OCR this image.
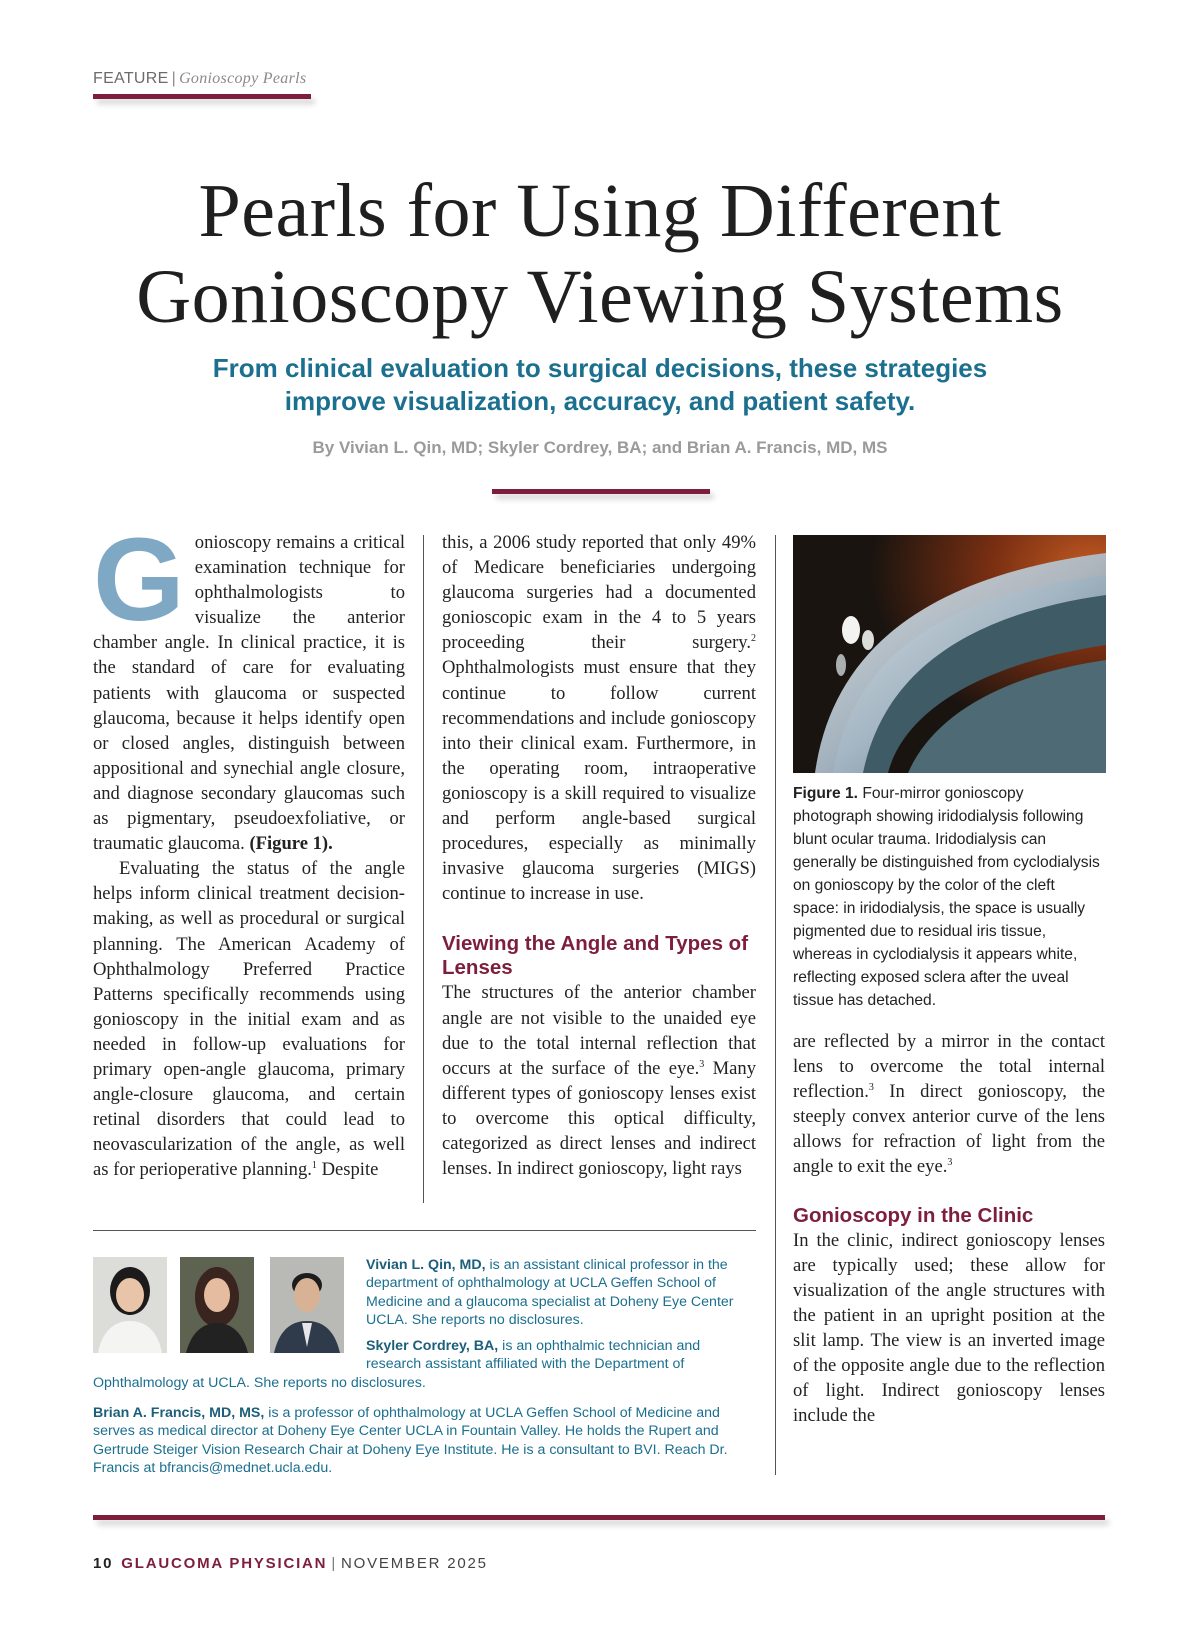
FEATURE | Gonioscopy Pearls
Pearls for Using Different
Gonioscopy Viewing Systems
From clinical evaluation to surgical decisions, these strategies
improve visualization, accuracy, and patient safety.
By Vivian L. Qin, MD; Skyler Cordrey, BA; and Brian A. Francis, MD, MS

Gonioscopy remains a critical examination technique for ophthalmologists to visualize the anterior chamber angle. In clinical practice, it is the standard of care for evaluating patients with glaucoma or suspected glaucoma, because it helps identify open or closed angles, distinguish between appositional and synechial angle closure, and diagnose secondary glaucomas such as pigmentary, pseudoexfoliative, or traumatic glaucoma. (Figure 1).

Evaluating the status of the angle helps inform clinical treatment decision-making, as well as procedural or surgical planning. The American Academy of Ophthalmology Preferred Practice Patterns specifically recommends using gonioscopy in the initial exam and as needed in follow-up evaluations for primary open-angle glaucoma, primary angle-closure glaucoma, and certain retinal disorders that could lead to neovascularization of the angle, as well as for perioperative planning.$^1$ Despite

this, a 2006 study reported that only 49% of Medicare beneficiaries undergoing glaucoma surgeries had a documented gonioscopic exam in the 4 to 5 years proceeding their surgery.$^2$ Ophthalmologists must ensure that they continue to follow current recommendations and include gonioscopy into their clinical exam. Furthermore, in the operating room, intraoperative gonioscopy is a skill required to visualize and perform angle-based surgical procedures, especially as minimally invasive glaucoma surgeries (MIGS) continue to increase in use.

Viewing the Angle and Types of Lenses

The structures of the anterior chamber angle are not visible to the unaided eye due to the total internal reflection that occurs at the surface of the eye.$^3$ Many different types of gonioscopy lenses exist to overcome this optical difficulty, categorized as direct lenses and indirect lenses. In indirect gonioscopy, light rays

Figure 1. Four-mirror gonioscopy photograph showing iridodialysis following blunt ocular trauma. Iridodialysis can generally be distinguished from cyclodialysis on gonioscopy by the color of the cleft space: in iridodialysis, the space is usually pigmented due to residual iris tissue, whereas in cyclodialysis it appears white, reflecting exposed sclera after the uveal tissue has detached.
Vivian L. Qin, MD, is an assistant clinical professor in the department of ophthalmology at UCLA Geffen School of Medicine and a glaucoma specialist at Doheny Eye Center UCLA. She reports no disclosures.
Skyler Cordrey, BA, is an ophthalmic technician and research assistant affiliated with the Department of
Ophthalmology at UCLA. She reports no disclosures.
Brian A. Francis, MD, MS, is a professor of ophthalmology at UCLA Geffen School of Medicine and serves as medical director at Doheny Eye Center UCLA in Fountain Valley. He holds the Rupert and Gertrude Steiger Vision Research Chair at Doheny Eye Institute. He is a consultant to BVI. Reach Dr. Francis at bfrancis@mednet.ucla.edu.
10 GLAUCOMA PHYSICIAN | NOVEMBER 2025

are reflected by a mirror in the contact lens to overcome the total internal reflection.$^3$ In direct gonioscopy, the steeply convex anterior curve of the lens allows for refraction of light from the angle to exit the eye.$^3$

Gonioscopy in the Clinic

In the clinic, indirect gonioscopy lenses are typically used; these allow for visualization of the angle structures with the patient in an upright position at the slit lamp. The view is an inverted image of the opposite angle due to the reflection of light. Indirect gonioscopy lenses include the
